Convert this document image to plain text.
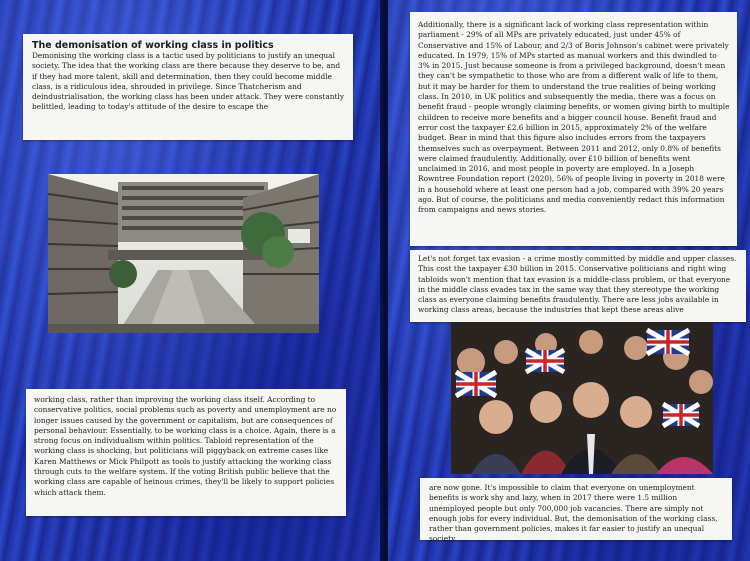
The demonisation of working class in politics

Demonising the working class is a tactic used by politicians to justify an unequal society. The idea that the working class are there because they deserve to be, and if they had more talent, skill and determination, then they could become middle class, is a ridiculous idea, shrouded in privilege. Since Thatcherism and deindustrialisation, the working class has been under attack. They were constantly belittled, leading to today's attitude of the desire to escape the

working class, rather than improving the working class itself. According to conservative politics, social problems such as poverty and unemployment are no longer issues caused by the government or capitalism, but are consequences of personal behaviour. Essentially, to be working class is a choice. Again, there is a strong focus on individualism within politics. Tabloid representation of the working class is shocking, but politicians will piggyback on extreme cases like Karen Matthews or Mick Philpott as tools to justify attacking the working class through cuts to the welfare system. If the voting British public believe that the working class are capable of heinous crimes, they'll be likely to support policies which attack them.

Additionally, there is a significant lack of working class representation within parliament - 29% of all MPs are privately educated, just under 45% of Conservative and 15% of Labour, and 2/3 of Boris Johnson's cabinet were privately educated. In 1979, 15% of MPs started as manual workers and this dwindled to 3% in 2015. Just because someone is from a privileged background, doesn't mean they can't be sympathetic to those who are from a different walk of life to them, but it may be harder for them to understand the true realities of being working class. In 2010, in UK politics and subsequently the media, there was a focus on benefit fraud - people wrongly claiming benefits, or women giving birth to multiple children to receive more benefits and a bigger council house. Benefit fraud and error cost the taxpayer £2.6 billion in 2015, approximately 2% of the welfare budget. Bear in mind that this figure also includes errors from the taxpayers themselves such as overpayment. Between 2011 and 2012, only 0.8% of benefits were claimed fraudulently. Additionally, over £10 billion of benefits went unclaimed in 2016, and most people in poverty are employed. In a Joseph Rowntree Foundation report (2020), 56% of people living in poverty in 2018 were in a household where at least one person had a job, compared with 39% 20 years ago. But of course, the politicians and media conveniently redact this information from campaigns and news stories.

Let's not forget tax evasion - a crime mostly committed by middle and upper classes. This cost the taxpayer £30 billion in 2015. Conservative politicians and right wing tabloids won't mention that tax evasion is a middle-class problem, or that everyone in the middle class evades tax in the same way that they stereotype the working class as everyone claiming benefits fraudulently. There are less jobs available in working class areas, because the industries that kept these areas alive

are now gone. It's impossible to claim that everyone on unemployment benefits is work shy and lazy, when in 2017 there were 1.5 million unemployed people but only 700,000 job vacancies. There are simply not enough jobs for every individual. But, the demonisation of the working class, rather than government policies, makes it far easier to justify an unequal society.
